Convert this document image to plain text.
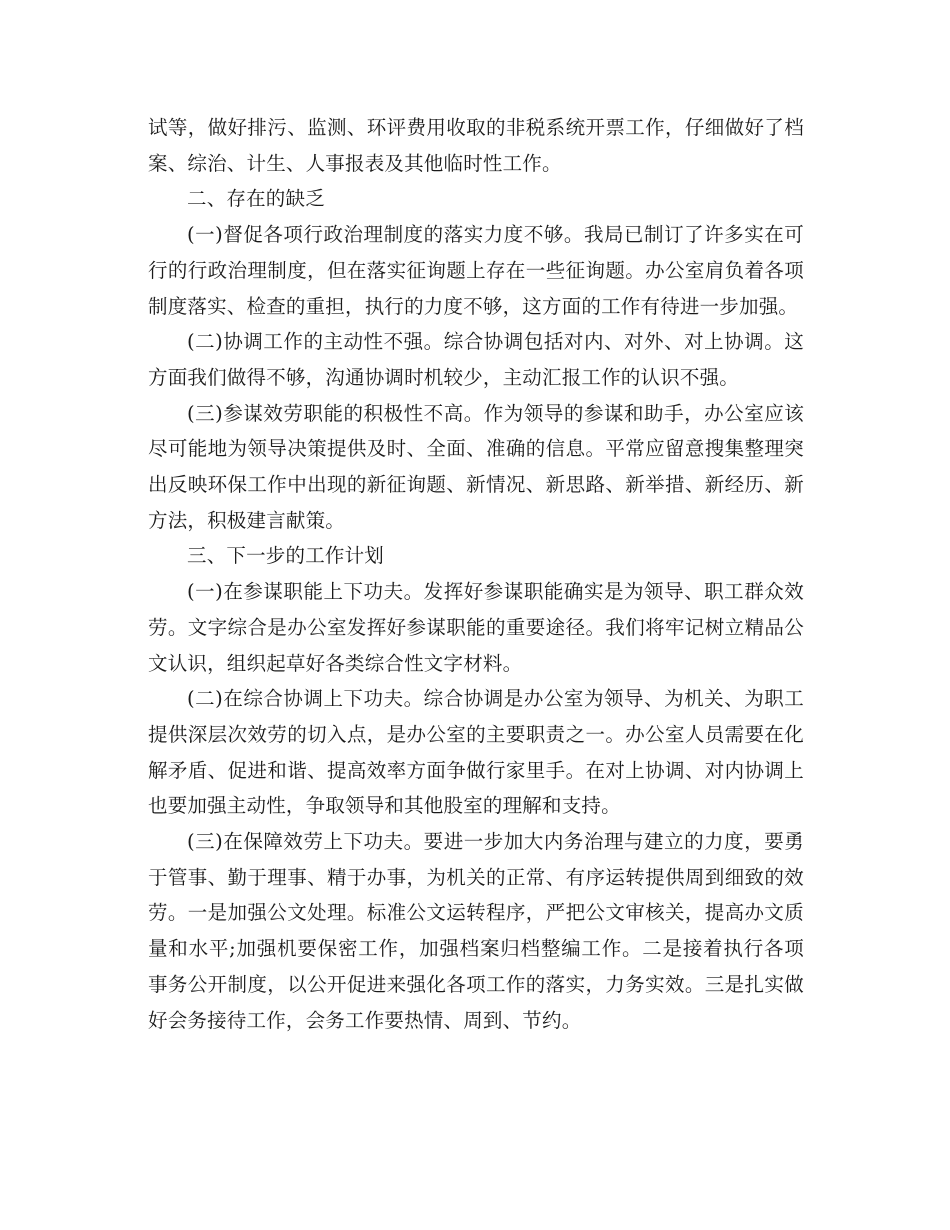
试等，做好排污、监测、环评费用收取的非税系统开票工作，仔细做好了档案、综治、计生、人事报表及其他临时性工作。

二、存在的缺乏

(一)督促各项行政治理制度的落实力度不够。我局已制订了许多实在可行的行政治理制度，但在落实征询题上存在一些征询题。办公室肩负着各项制度落实、检查的重担，执行的力度不够，这方面的工作有待进一步加强。

(二)协调工作的主动性不强。综合协调包括对内、对外、对上协调。这方面我们做得不够，沟通协调时机较少，主动汇报工作的认识不强。

(三)参谋效劳职能的积极性不高。作为领导的参谋和助手，办公室应该尽可能地为领导决策提供及时、全面、准确的信息。平常应留意搜集整理突出反映环保工作中出现的新征询题、新情况、新思路、新举措、新经历、新方法，积极建言献策。

三、下一步的工作计划

(一)在参谋职能上下功夫。发挥好参谋职能确实是为领导、职工群众效劳。文字综合是办公室发挥好参谋职能的重要途径。我们将牢记树立精品公文认识，组织起草好各类综合性文字材料。

(二)在综合协调上下功夫。综合协调是办公室为领导、为机关、为职工提供深层次效劳的切入点，是办公室的主要职责之一。办公室人员需要在化解矛盾、促进和谐、提高效率方面争做行家里手。在对上协调、对内协调上也要加强主动性，争取领导和其他股室的理解和支持。

(三)在保障效劳上下功夫。要进一步加大内务治理与建立的力度，要勇于管事、勤于理事、精于办事，为机关的正常、有序运转提供周到细致的效劳。一是加强公文处理。标准公文运转程序，严把公文审核关，提高办文质量和水平;加强机要保密工作，加强档案归档整编工作。二是接着执行各项事务公开制度，以公开促进来强化各项工作的落实，力务实效。三是扎实做好会务接待工作，会务工作要热情、周到、节约。
